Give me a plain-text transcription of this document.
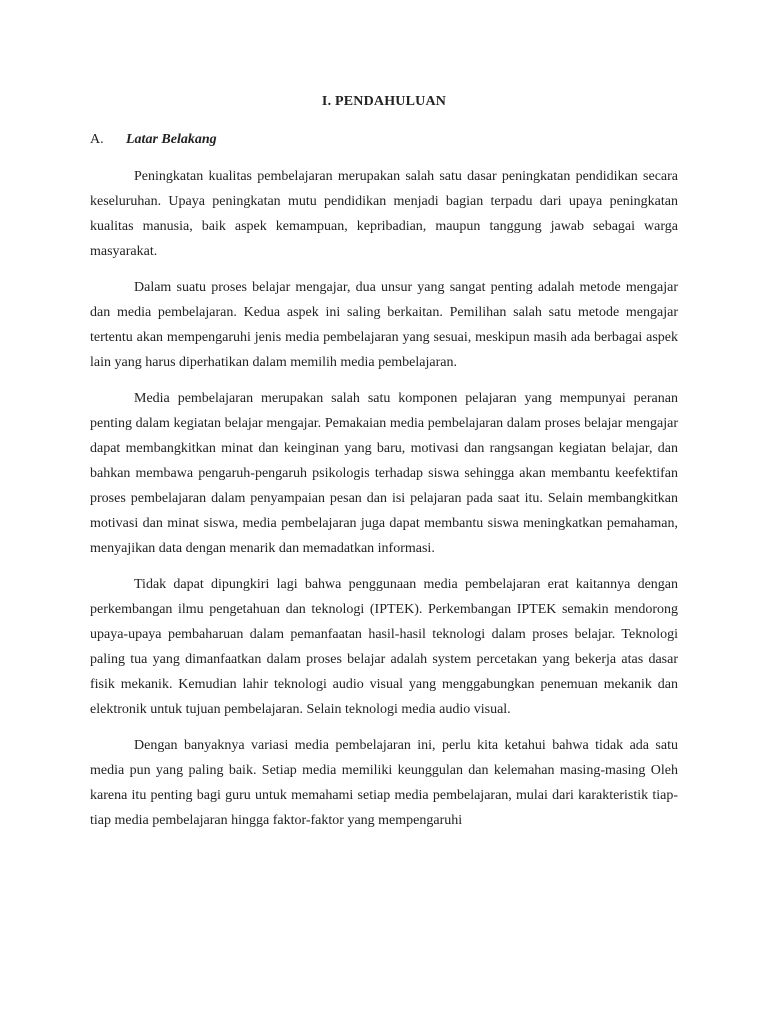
I. PENDAHULUAN
A. Latar Belakang

Peningkatan kualitas pembelajaran merupakan salah satu dasar peningkatan pendidikan secara keseluruhan. Upaya peningkatan mutu pendidikan menjadi bagian terpadu dari upaya peningkatan kualitas manusia, baik aspek kemampuan, kepribadian, maupun tanggung jawab sebagai warga masyarakat.

Dalam suatu proses belajar mengajar, dua unsur yang sangat penting adalah metode mengajar dan media pembelajaran. Kedua aspek ini saling berkaitan. Pemilihan salah satu metode mengajar tertentu akan mempengaruhi jenis media pembelajaran yang sesuai, meskipun masih ada berbagai aspek lain yang harus diperhatikan dalam memilih media pembelajaran.

Media pembelajaran merupakan salah satu komponen pelajaran yang mempunyai peranan penting dalam kegiatan belajar mengajar. Pemakaian media pembelajaran dalam proses belajar mengajar dapat membangkitkan minat dan keinginan yang baru, motivasi dan rangsangan kegiatan belajar, dan bahkan membawa pengaruh-pengaruh psikologis terhadap siswa sehingga akan membantu keefektifan proses pembelajaran dalam penyampaian pesan dan isi pelajaran pada saat itu. Selain membangkitkan motivasi dan minat siswa, media pembelajaran juga dapat membantu siswa meningkatkan pemahaman, menyajikan data dengan menarik dan memadatkan informasi.

Tidak dapat dipungkiri lagi bahwa penggunaan media pembelajaran erat kaitannya dengan perkembangan ilmu pengetahuan dan teknologi (IPTEK). Perkembangan IPTEK semakin mendorong upaya-upaya pembaharuan dalam pemanfaatan hasil-hasil teknologi dalam proses belajar. Teknologi paling tua yang dimanfaatkan dalam proses belajar adalah system percetakan yang bekerja atas dasar fisik mekanik. Kemudian lahir teknologi audio visual yang menggabungkan penemuan mekanik dan elektronik untuk tujuan pembelajaran. Selain teknologi media audio visual.

Dengan banyaknya variasi media pembelajaran ini, perlu kita ketahui bahwa tidak ada satu media pun yang paling baik. Setiap media memiliki keunggulan dan kelemahan masing-masing Oleh karena itu penting bagi guru untuk memahami setiap media pembelajaran, mulai dari karakteristik tiap-tiap media pembelajaran hingga faktor-faktor yang mempengaruhi
